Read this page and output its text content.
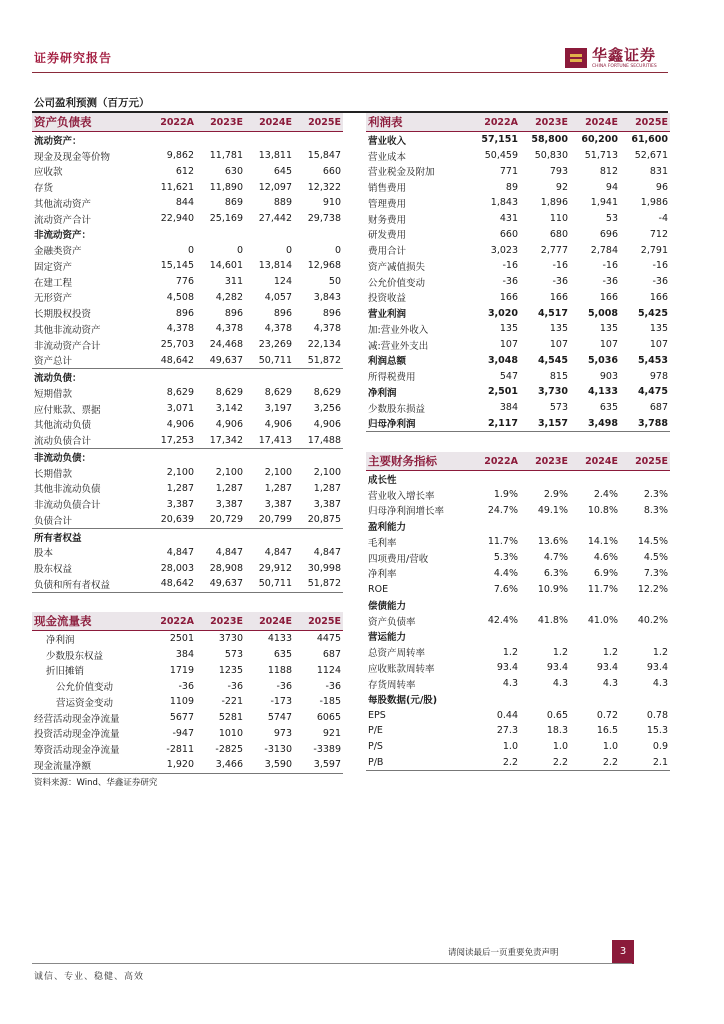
证券研究报告	华鑫证券
CHINA FORTUNE SECURITIES
公司盈利预测（百万元）
资产负债表	2022A	2023E	2024E	2025E
流动资产：				
现金及现金等价物	9,862	11,781	13,811	15,847
应收款	612	630	645	660
存货	11,621	11,890	12,097	12,322
其他流动资产	844	869	889	910
流动资产合计	22,940	25,169	27,442	29,738
非流动资产：				
金融类资产	0	0	0	0
固定资产	15,145	14,601	13,814	12,968
在建工程	776	311	124	50
无形资产	4,508	4,282	4,057	3,843
长期股权投资	896	896	896	896
其他非流动资产	4,378	4,378	4,378	4,378
非流动资产合计	25,703	24,468	23,269	22,134
资产总计	48,642	49,637	50,711	51,872
流动负债：				
短期借款	8,629	8,629	8,629	8,629
应付账款、票据	3,071	3,142	3,197	3,256
其他流动负债	4,906	4,906	4,906	4,906
流动负债合计	17,253	17,342	17,413	17,488
非流动负债：				
长期借款	2,100	2,100	2,100	2,100
其他非流动负债	1,287	1,287	1,287	1,287
非流动负债合计	3,387	3,387	3,387	3,387
负债合计	20,639	20,729	20,799	20,875
所有者权益				
股本	4,847	4,847	4,847	4,847
股东权益	28,003	28,908	29,912	30,998
负债和所有者权益	48,642	49,637	50,711	51,872
利润表	2022A	2023E	2024E	2025E
营业收入	57,151	58,800	60,200	61,600
营业成本	50,459	50,830	51,713	52,671
营业税金及附加	771	793	812	831
销售费用	89	92	94	96
管理费用	1,843	1,896	1,941	1,986
财务费用	431	110	53	-4
研发费用	660	680	696	712
费用合计	3,023	2,777	2,784	2,791
资产减值损失	-16	-16	-16	-16
公允价值变动	-36	-36	-36	-36
投资收益	166	166	166	166
营业利润	3,020	4,517	5,008	5,425
加:营业外收入	135	135	135	135
减:营业外支出	107	107	107	107
利润总额	3,048	4,545	5,036	5,453
所得税费用	547	815	903	978
净利润	2,501	3,730	4,133	4,475
少数股东损益	384	573	635	687
归母净利润	2,117	3,157	3,498	3,788
主要财务指标	2022A	2023E	2024E	2025E
成长性				
营业收入增长率	1.9%	2.9%	2.4%	2.3%
归母净利润增长率	24.7%	49.1%	10.8%	8.3%
盈利能力				
毛利率	11.7%	13.6%	14.1%	14.5%
四项费用/营收	5.3%	4.7%	4.6%	4.5%
净利率	4.4%	6.3%	6.9%	7.3%
ROE	7.6%	10.9%	11.7%	12.2%
偿债能力				
资产负债率	42.4%	41.8%	41.0%	40.2%
营运能力				
总资产周转率	1.2	1.2	1.2	1.2
应收账款周转率	93.4	93.4	93.4	93.4
存货周转率	4.3	4.3	4.3	4.3
每股数据(元/股)				
EPS	0.44	0.65	0.72	0.78
P/E	27.3	18.3	16.5	15.3
P/S	1.0	1.0	1.0	0.9
P/B	2.2	2.2	2.2	2.1
现金流量表	2022A	2023E	2024E	2025E
净利润	2501	3730	4133	4475
少数股东权益	384	573	635	687
折旧摊销	1719	1235	1188	1124
公允价值变动	-36	-36	-36	-36
营运资金变动	1109	-221	-173	-185
经营活动现金净流量	5677	5281	5747	6065
投资活动现金净流量	-947	1010	973	921
筹资活动现金净流量	-2811	-2825	-3130	-3389
现金流量净额	1,920	3,466	3,590	3,597
资料来源：Wind、华鑫证券研究
请阅读最后一页重要免责声明	3
诚信、专业、稳健、高效
